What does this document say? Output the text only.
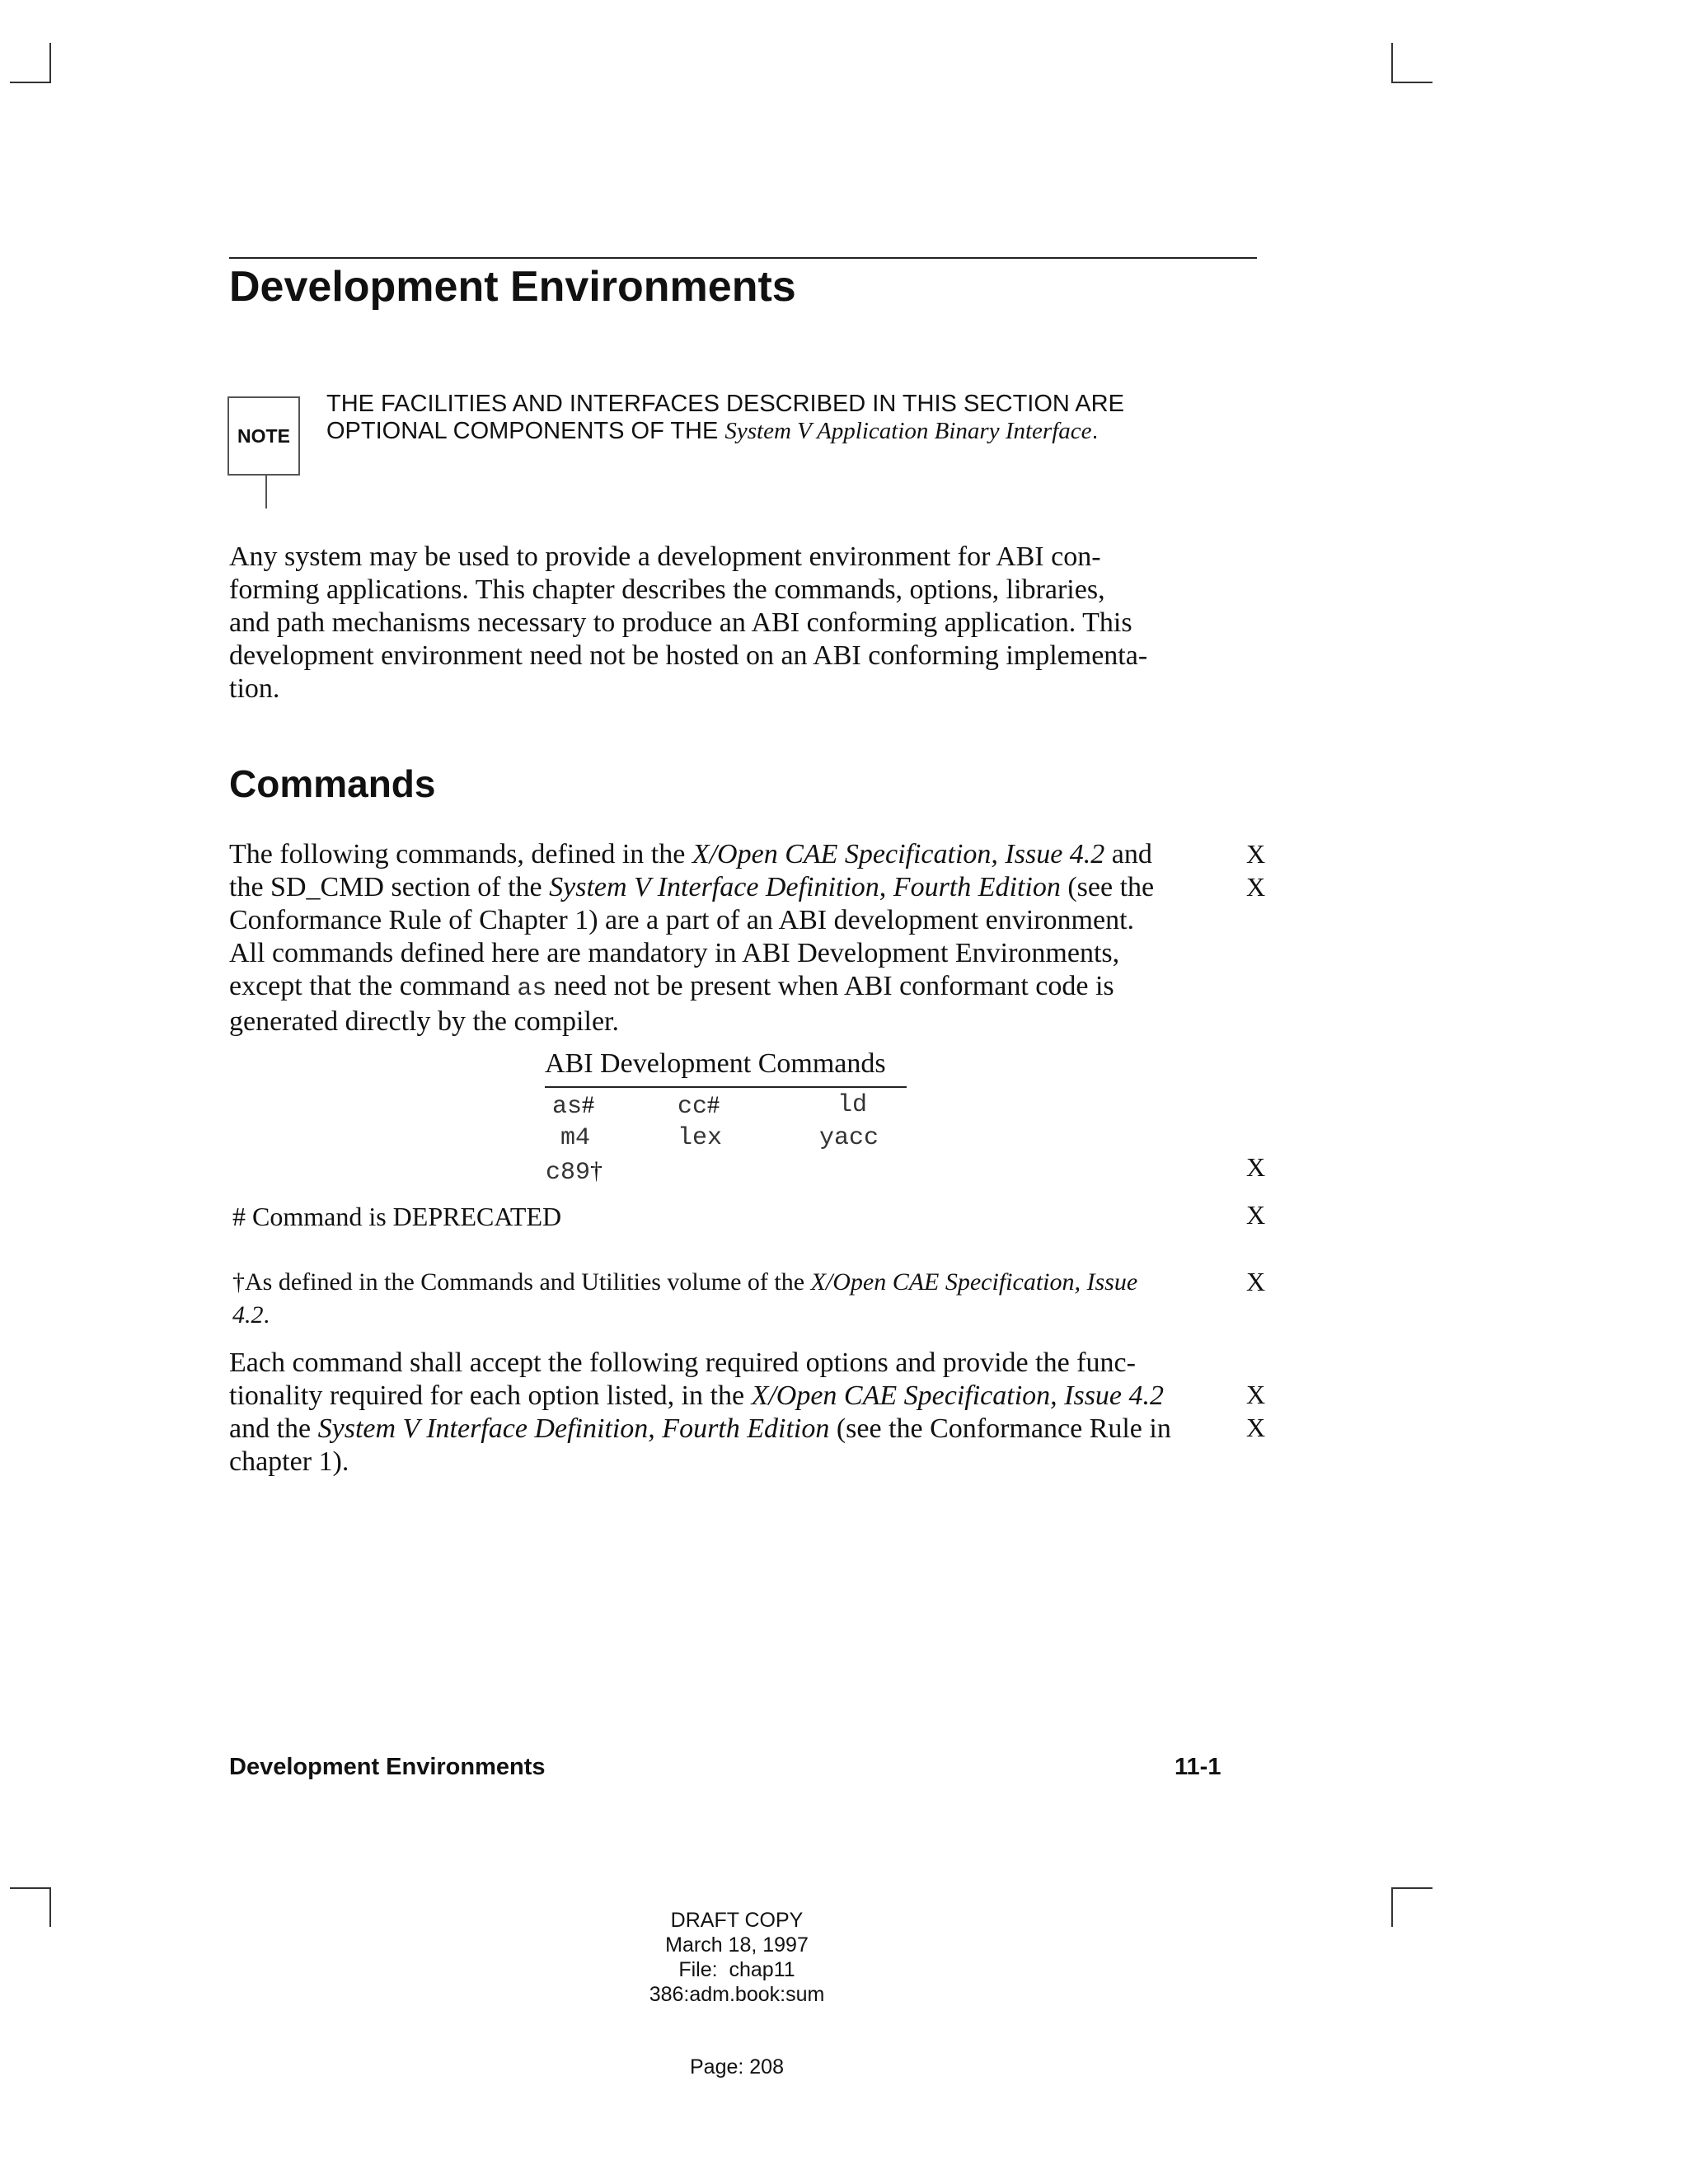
Development Environments
NOTE
THE FACILITIES AND INTERFACES DESCRIBED IN THIS SECTION ARE
OPTIONAL COMPONENTS OF THE System V Application Binary Interface.
Any system may be used to provide a development environment for ABI con-
forming applications. This chapter describes the commands, options, libraries,
and path mechanisms necessary to produce an ABI conforming application. This
development environment need not be hosted on an ABI conforming implementa-
tion.
Commands
The following commands, defined in the X/Open CAE Specification, Issue 4.2 and
the SD_CMD section of the System V Interface Definition, Fourth Edition (see the
Conformance Rule of Chapter 1) are a part of an ABI development environment.
All commands defined here are mandatory in ABI Development Environments,
except that the command as need not be present when ABI conformant code is
generated directly by the compiler.
X
X
X
X
X
X
X
ABI Development Commands
as#	cc#	ld
m4	lex	yacc
c89†
# Command is DEPRECATED
†As defined in the Commands and Utilities volume of the X/Open CAE Specification, Issue
4.2.
Each command shall accept the following required options and provide the func-
tionality required for each option listed, in the X/Open CAE Specification, Issue 4.2
and the System V Interface Definition, Fourth Edition (see the Conformance Rule in
chapter 1).
Development Environments	11-1
DRAFT COPY
March 18, 1997
File:  chap11
386:adm.book:sum
Page: 208
